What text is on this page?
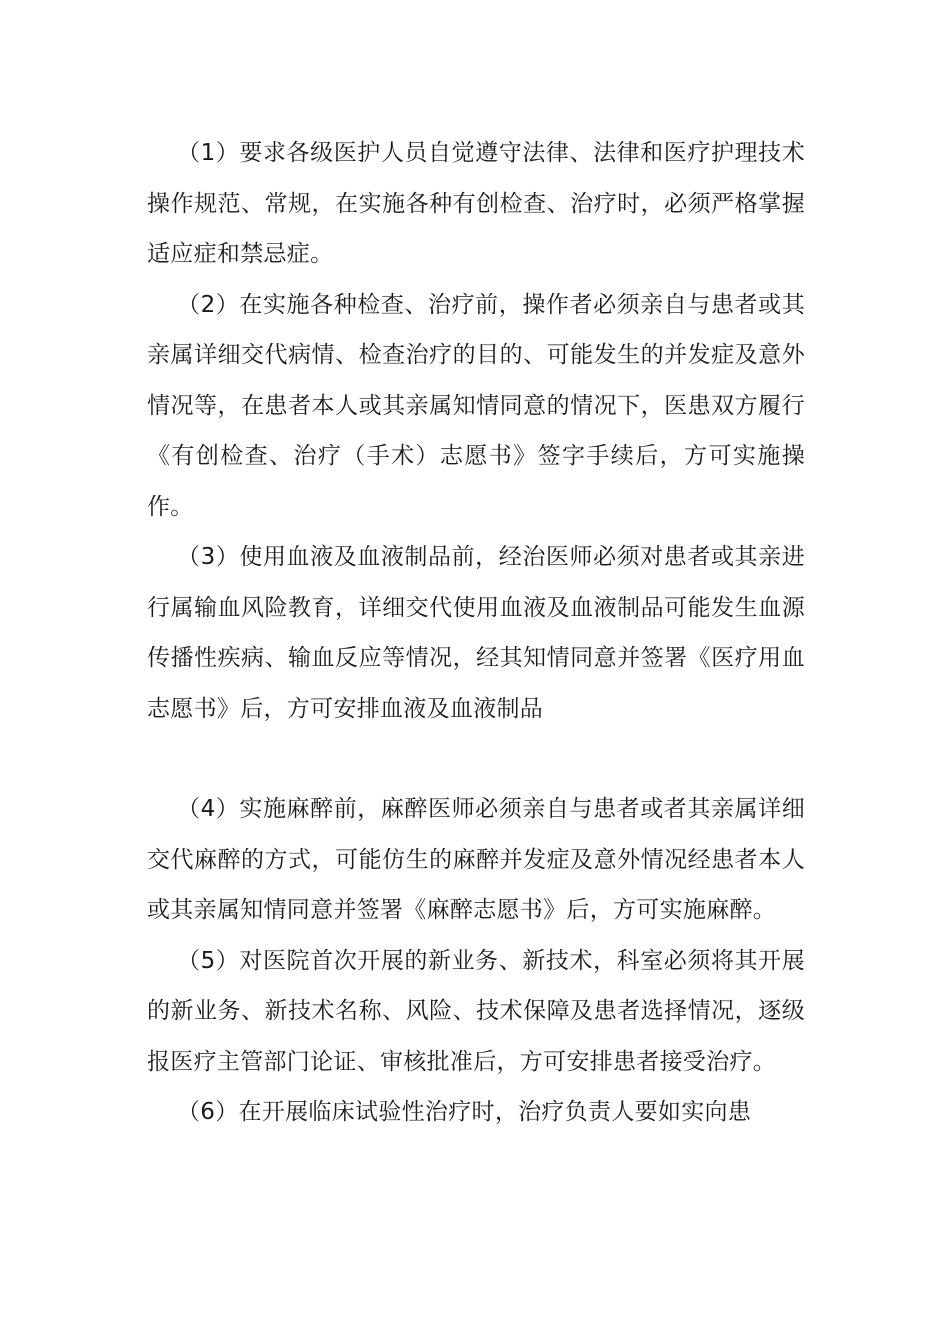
（1）要求各级医护人员自觉遵守法律、法律和医疗护理技术操作规范、常规，在实施各种有创检查、治疗时，必须严格掌握适应症和禁忌症。

（2）在实施各种检查、治疗前，操作者必须亲自与患者或其亲属详细交代病情、检查治疗的目的、可能发生的并发症及意外情况等，在患者本人或其亲属知情同意的情况下，医患双方履行《有创检查、治疗（手术）志愿书》签字手续后，方可实施操作。

（3）使用血液及血液制品前，经治医师必须对患者或其亲进行属输血风险教育，详细交代使用血液及血液制品可能发生血源传播性疾病、输血反应等情况，经其知情同意并签署《医疗用血志愿书》后，方可安排血液及血液制品

（4）实施麻醉前，麻醉医师必须亲自与患者或者其亲属详细交代麻醉的方式，可能仿生的麻醉并发症及意外情况经患者本人或其亲属知情同意并签署《麻醉志愿书》后，方可实施麻醉。

（5）对医院首次开展的新业务、新技术，科室必须将其开展的新业务、新技术名称、风险、技术保障及患者选择情况，逐级报医疗主管部门论证、审核批准后，方可安排患者接受治疗。

（6）在开展临床试验性治疗时，治疗负责人要如实向患
